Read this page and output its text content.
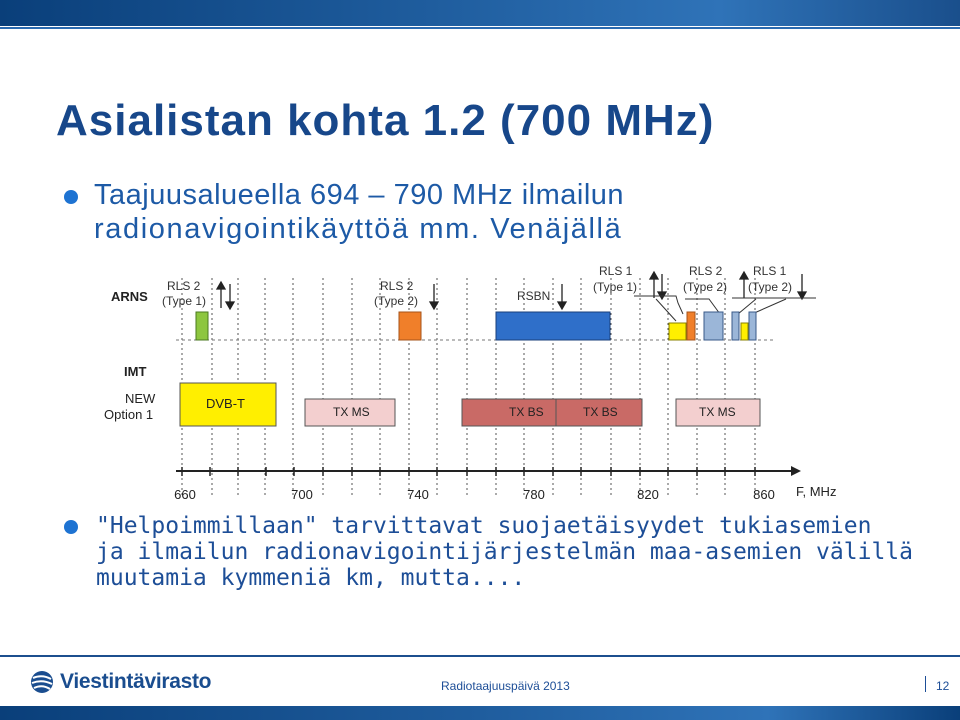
Asialistan kohta 1.2 (700 MHz)
Taajuusalueella 694 – 790 MHz ilmailun
radionavigointikäyttöä mm. Venäjällä
ARNS
IMT
NEW
Option 1
RLS 2
(Type 1)
RLS 2
(Type 2)	RSBN
RLS 1
(Type 1)
RLS 2
(Type 2)
RLS 1
(Type 2)
DVB-T
TX MS	TX BS	TX BS	TX MS
660	700	740	780	820	860 F, MHz
"Helpoimmillaan" tarvittavat suojaetäisyydet tukiasemien
ja ilmailun radionavigointijärjestelmän maa-asemien välillä
muutamia kymmeniä km, mutta....
Viestintävirasto	Radiotaajuuspäivä 2013	12
